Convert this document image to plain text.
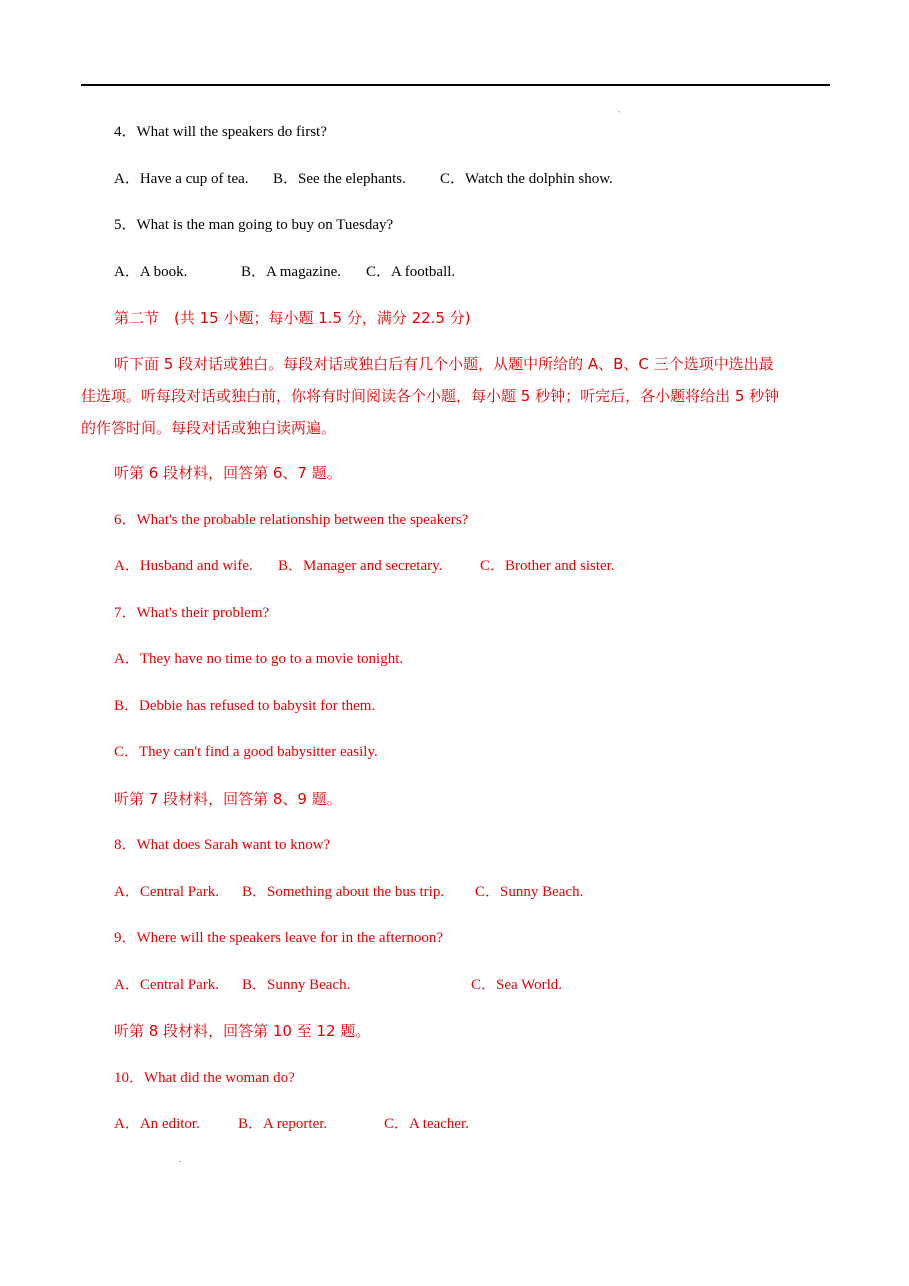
`
4．What will the speakers do first?
A．Have a cup of tea. B．See the elephants. C．Watch the dolphin show.
5．What is the man going to buy on Tuesday?
A．A book.	B．A magazine. C．A football.
第二节　(共 15 小题；每小题 1.5 分，满分 22.5 分)
听下面 5 段对话或独白。每段对话或独白后有几个小题，从题中所给的 A、B、C 三个选项中选出最
佳选项。听每段对话或独白前，你将有时间阅读各个小题，每小题 5 秒钟；听完后，各小题将给出 5 秒钟
的作答时间。每段对话或独白读两遍。
听第 6 段材料，回答第 6、7 题。
6．What's the probable relationship between the speakers?
A．Husband and wife. B．Manager and secretary.	C．Brother and sister.
7．What's their problem?
A．They have no time to go to a movie tonight.
B．Debbie has refused to babysit for them.
C．They can't find a good babysitter easily.
听第 7 段材料，回答第 8、9 题。
8．What does Sarah want to know?
A．Central Park. B．Something about the bus trip. C．Sunny Beach.
9．Where will the speakers leave for in the afternoon?
A．Central Park. B．Sunny Beach.	C．Sea World.
听第 8 段材料，回答第 10 至 12 题。
10．What did the woman do?
A．An editor.	B．A reporter.	C．A teacher.
.
